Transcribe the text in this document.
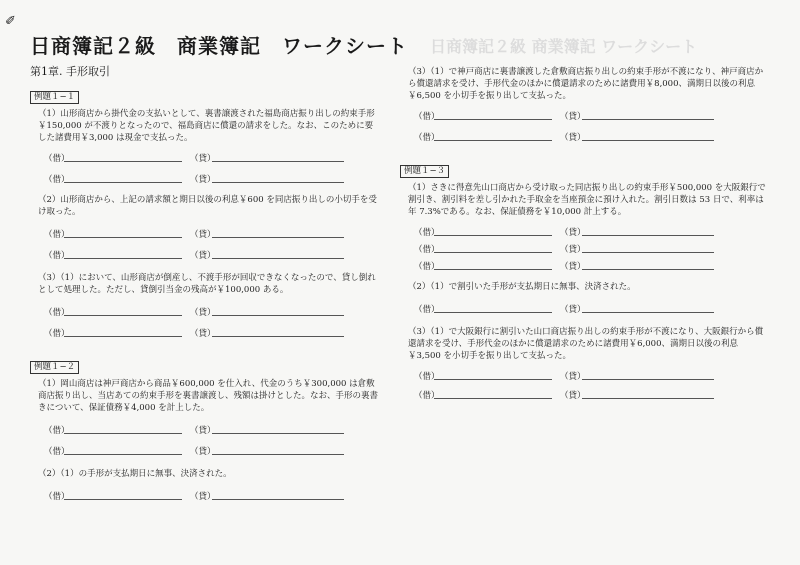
✐
日商簿記２級 商業簿記 ワークシート
日商簿記２級　商業簿記　ワークシート
第1章. 手形取引
例題１−１
（1）山形商店から掛代金の支払いとして、裏書譲渡された福島商店振り出しの約束手形￥150,000 が不渡りとなったので、福島商店に償還の請求をした。なお、このために要した諸費用￥3,000 は現金で支払った。
（借）	（貸）
（借）	（貸）
（2）山形商店から、上記の請求額と期日以後の利息￥600 を同店振り出しの小切手を受け取った。
（借）	（貸）
（借）	（貸）
（3）（1）において、山形商店が倒産し、不渡手形が回収できなくなったので、貸し倒れとして処理した。ただし、貸倒引当金の残高が￥100,000 ある。
（借）	（貸）
（借）	（貸）
例題１−２
（1）岡山商店は神戸商店から商品￥600,000 を仕入れ、代金のうち￥300,000 は倉敷商店振り出し、当店あての約束手形を裏書譲渡し、残額は掛けとした。なお、手形の裏書きについて、保証債務￥4,000 を計上した。
（借）	（貸）
（借）	（貸）
（2）（1）の手形が支払期日に無事、決済された。
（借）	（貸）
（3）（1）で神戸商店に裏書譲渡した倉敷商店振り出しの約束手形が不渡になり、神戸商店から償還請求を受け、手形代金のほかに償還請求のために諸費用￥8,000、満期日以後の利息￥6,500 を小切手を振り出して支払った。
（借）	（貸）
（借）	（貸）
例題１−３
（1）さきに得意先山口商店から受け取った同店振り出しの約束手形￥500,000 を大阪銀行で割引き、割引料を差し引かれた手取金を当座預金に預け入れた。割引日数は 53 日で、利率は年 7.3%である。なお、保証債務を￥10,000 計上する。
（借）	（貸）
（借）	（貸）
（借）	（貸）
（2）（1）で割引いた手形が支払期日に無事、決済された。
（借）	（貸）
（3）（1）で大阪銀行に割引いた山口商店振り出しの約束手形が不渡になり、大阪銀行から償還請求を受け、手形代金のほかに償還請求のために諸費用￥6,000、満期日以後の利息￥3,500 を小切手を振り出して支払った。
（借）	（貸）
（借）	（貸）
